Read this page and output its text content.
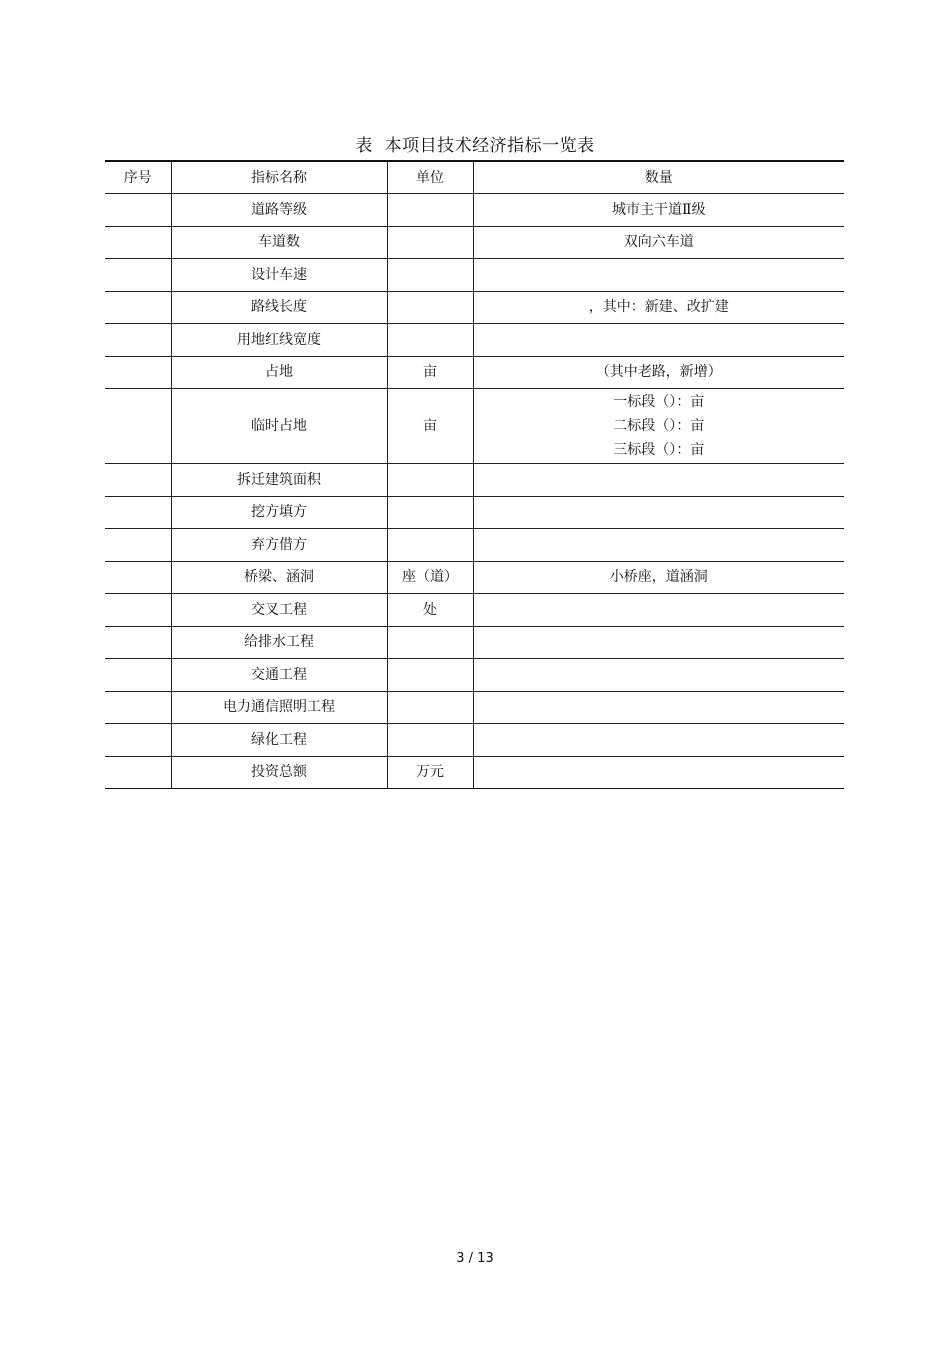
表  本项目技术经济指标一览表
序号	指标名称	单位	数量
	道路等级		城市主干道Ⅱ级
	车道数		双向六车道
	设计车速		
	路线长度		，其中：新建、改扩建
	用地红线宽度		
	占地	亩	（其中老路，新增）
	临时占地	亩	一标段（）：亩
二标段（）：亩
三标段（）：亩

	拆迁建筑面积		
	挖方填方		
	弃方借方		
	桥梁、涵洞	座（道）	小桥座，道涵洞
	交叉工程	处	
	给排水工程		
	交通工程		
	电力通信照明工程		
	绿化工程		
	投资总额	万元	
3 / 13
